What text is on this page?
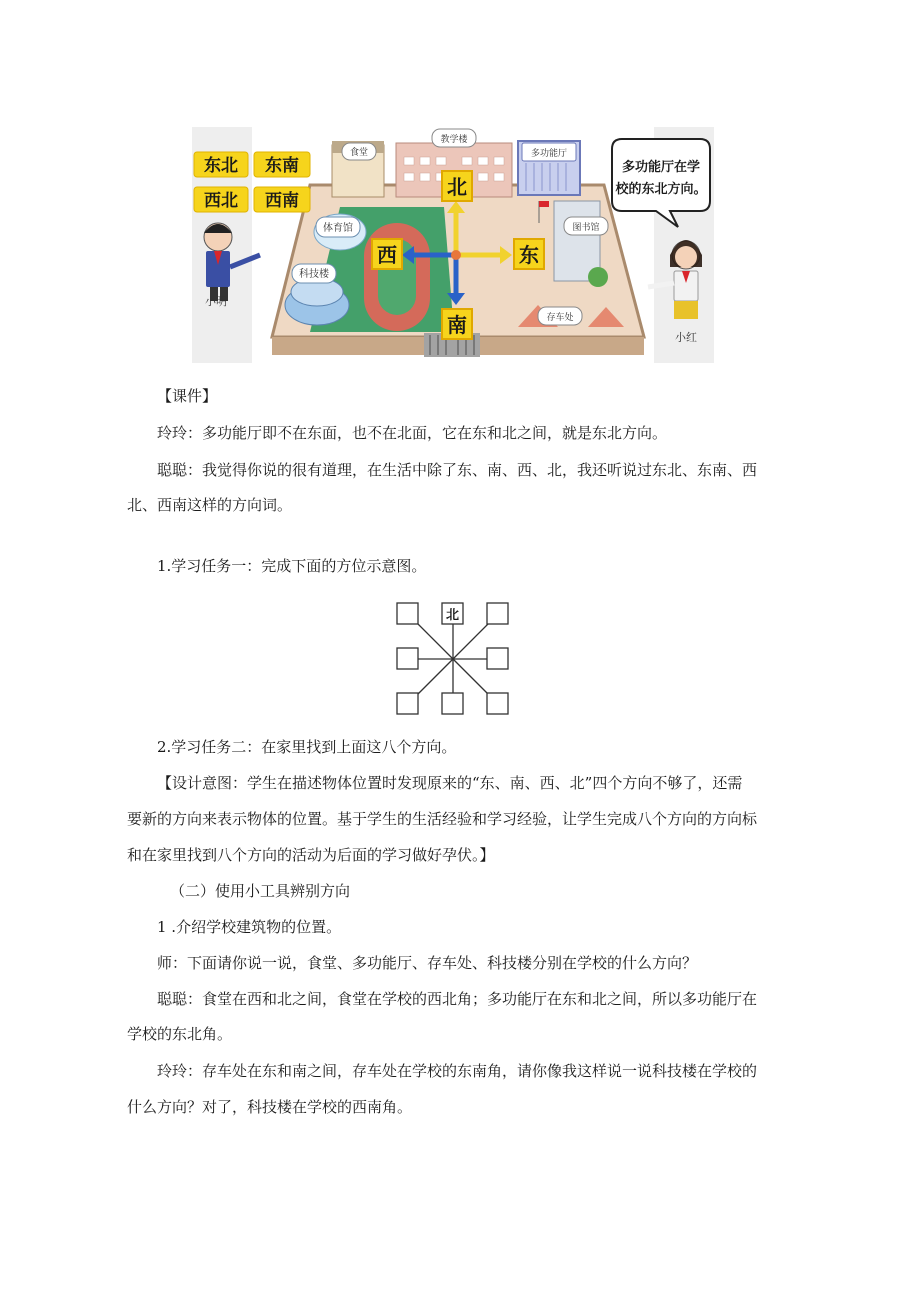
体育馆
科技楼
食堂
教学楼
多功能厅
图书馆
存车处
北
南
西	东
东北 东南
西北 西南
小明
小红
多功能厅在学
校的东北方向。
【课件】
玲玲：多功能厅即不在东面，也不在北面，它在东和北之间，就是东北方向。
聪聪：我觉得你说的很有道理，在生活中除了东、南、西、北，我还听说过东北、东南、西
北、西南这样的方向词。
1.学习任务一：完成下面的方位示意图。
北
2.学习任务二：在家里找到上面这八个方向。
【设计意图：学生在描述物体位置时发现原来的“东、南、西、北”四个方向不够了，还需
要新的方向来表示物体的位置。基于学生的生活经验和学习经验，让学生完成八个方向的方向标
和在家里找到八个方向的活动为后面的学习做好孕伏。】
（二）使用小工具辨别方向
1 .介绍学校建筑物的位置。
师：下面请你说一说，食堂、多功能厅、存车处、科技楼分别在学校的什么方向？
聪聪：食堂在西和北之间，食堂在学校的西北角；多功能厅在东和北之间，所以多功能厅在
学校的东北角。
玲玲：存车处在东和南之间，存车处在学校的东南角，请你像我这样说一说科技楼在学校的
什么方向？对了，科技楼在学校的西南角。
